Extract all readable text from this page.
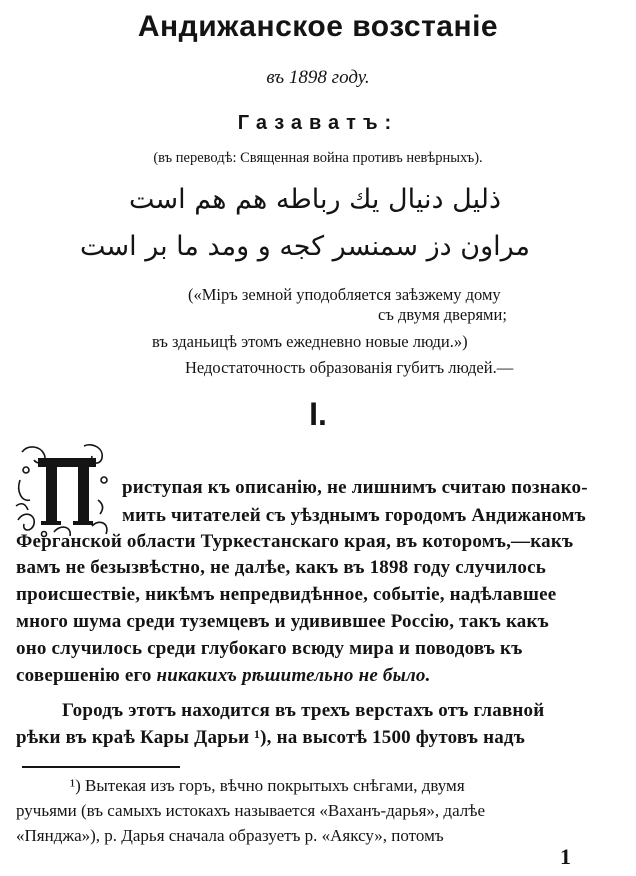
Андижанское возстаніе
въ 1898 году.
Газаватъ:
(въ переводѣ: Священная война противъ невѣрныхъ).
ذليل دنيال يك رباطه هم هم است
مراون دز سمنسر كجه‌ و ومد ما بر است
(«Міръ земной уподобляется заѣзжему дому
съ двумя дверями;
въ зданьицѣ этомъ ежедневно новые люди.»)
Недостаточность образованія губитъ людей.—
I.
П
риступая къ описанію, не лишнимъ считаю познако-
мить читателей съ уѣзднымъ городомъ Андижаномъ
Ферганской области Туркестанскаго края, въ которомъ,—какъ
вамъ не безызвѣстно, не далѣе, какъ въ 1898 году случилось
происшествіе, никѣмъ непредвидѣнное, событіе, надѣлавшее
много шума среди туземцевъ и удивившее Россію, такъ какъ
оно случилось среди глубокаго всюду мира и поводовъ къ
совершенію его никакихъ рѣшительно не было.
Городъ этотъ находится въ трехъ верстахъ отъ главной
рѣки въ краѣ Кары Дарьи ¹), на высотѣ 1500 футовъ надъ
¹) Вытекая изъ горъ, вѣчно покрытыхъ снѣгами, двумя
ручьями (въ самыхъ истокахъ называется «Ваханъ-дарья», далѣе
«Пянджа»), р. Дарья сначала образуетъ р. «Аяксу», потомъ
1
